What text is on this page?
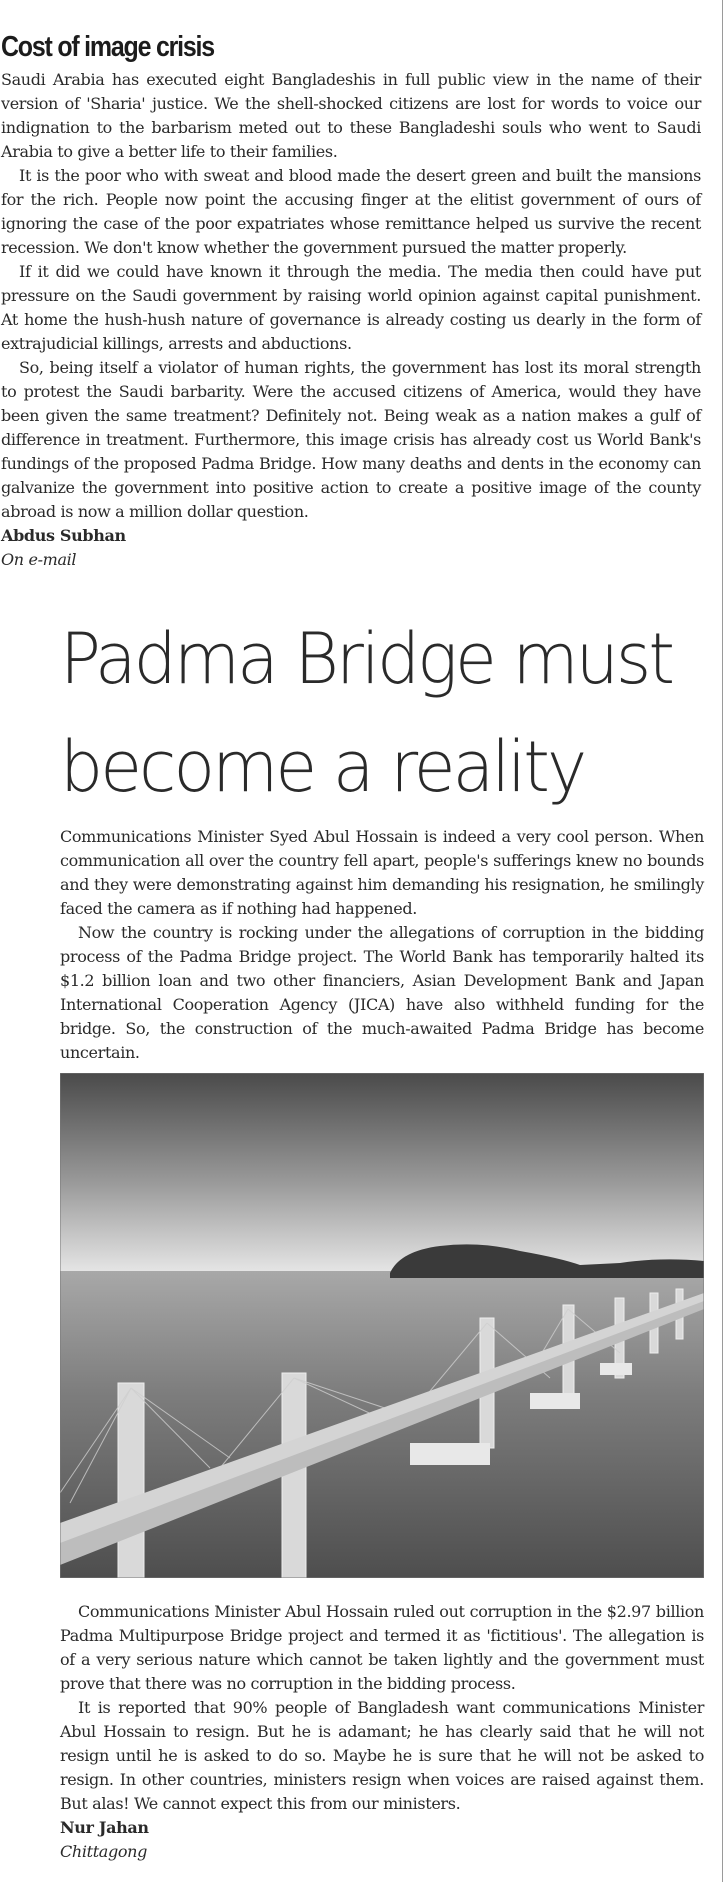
Cost of image crisis

Saudi Arabia has executed eight Bangladeshis in full public view in the name of their version of 'Sharia' justice. We the shell-shocked citizens are lost for words to voice our indignation to the barbarism meted out to these Bangladeshi souls who went to Saudi Arabia to give a better life to their families.

It is the poor who with sweat and blood made the desert green and built the mansions for the rich. People now point the accusing finger at the elitist government of ours of ignoring the case of the poor expatriates whose remittance helped us survive the recent recession. We don't know whether the government pursued the matter properly.

If it did we could have known it through the media. The media then could have put pressure on the Saudi government by raising world opinion against capital punishment. At home the hush-hush nature of governance is already costing us dearly in the form of extrajudicial killings, arrests and abductions.

So, being itself a violator of human rights, the government has lost its moral strength to protest the Saudi barbarity. Were the accused citizens of America, would they have been given the same treatment? Definitely not. Being weak as a nation makes a gulf of difference in treatment. Furthermore, this image crisis has already cost us World Bank's fundings of the proposed Padma Bridge. How many deaths and dents in the economy can galvanize the government into positive action to create a positive image of the county abroad is now a million dollar question.

Abdus Subhan
On e-mail
Padma Bridge must
become a reality

Communications Minister Syed Abul Hossain is indeed a very cool person. When communication all over the country fell apart, people's sufferings knew no bounds and they were demonstrating against him demanding his resignation, he smilingly faced the camera as if nothing had happened.

Now the country is rocking under the allegations of corruption in the bidding process of the Padma Bridge project. The World Bank has temporarily halted its $1.2 billion loan and two other financiers, Asian Development Bank and Japan International Cooperation Agency (JICA) have also withheld funding for the bridge. So, the construction of the much-awaited Padma Bridge has become uncertain.

Communications Minister Abul Hossain ruled out corruption in the $2.97 billion Padma Multipurpose Bridge project and termed it as 'fictitious'. The allegation is of a very serious nature which cannot be taken lightly and the government must prove that there was no corruption in the bidding process.

It is reported that 90% people of Bangladesh want communications Minister Abul Hossain to resign. But he is adamant; he has clearly said that he will not resign until he is asked to do so. Maybe he is sure that he will not be asked to resign. In other countries, ministers resign when voices are raised against them. But alas! We cannot expect this from our ministers.

Nur Jahan
Chittagong
